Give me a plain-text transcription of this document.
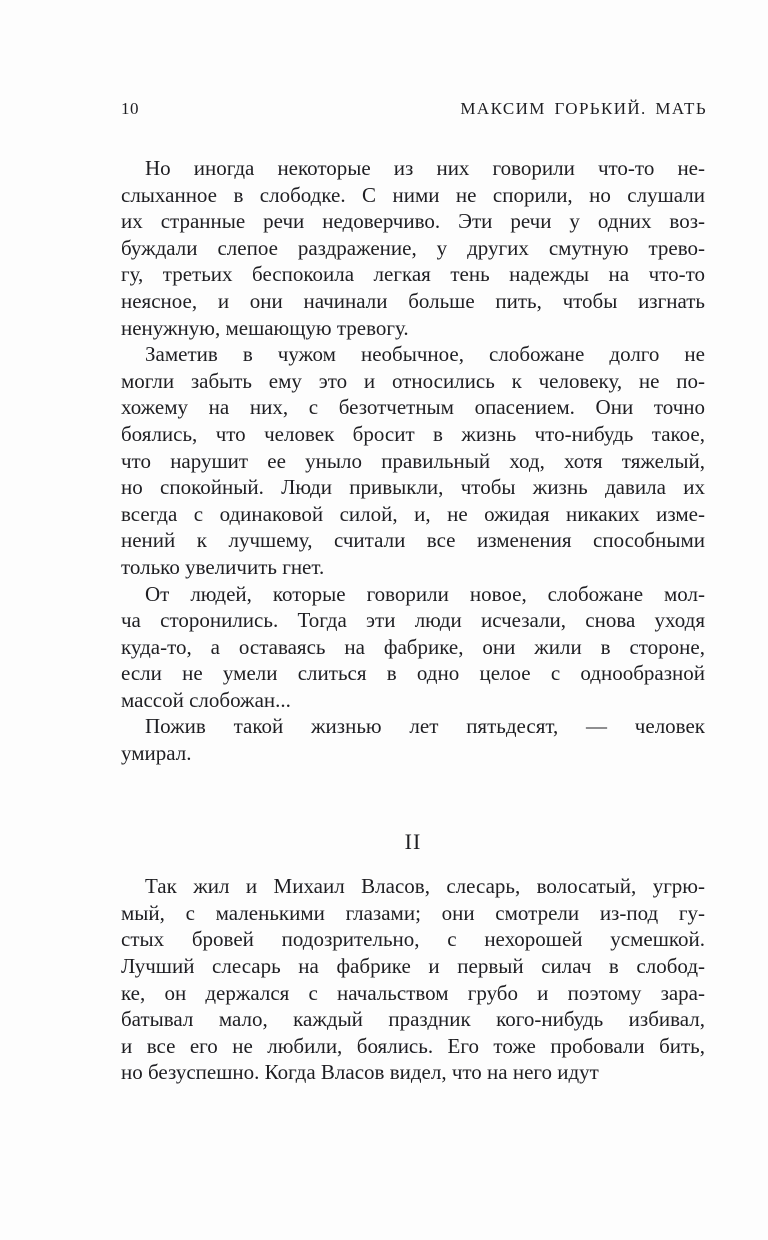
10	МАКСИМ ГОРЬКИЙ. МАТЬ
Но иногда некоторые из них говорили что-то не-
слыханное в слободке. С ними не спорили, но слушали
их странные речи недоверчиво. Эти речи у одних воз-
буждали слепое раздражение, у других смутную трево-
гу, третьих беспокоила легкая тень надежды на что-то
неясное, и они начинали больше пить, чтобы изгнать
ненужную, мешающую тревогу.
Заметив в чужом необычное, слобожане долго не
могли забыть ему это и относились к человеку, не по-
хожему на них, с безотчетным опасением. Они точно
боялись, что человек бросит в жизнь что-нибудь такое,
что нарушит ее уныло правильный ход, хотя тяжелый,
но спокойный. Люди привыкли, чтобы жизнь давила их
всегда с одинаковой силой, и, не ожидая никаких изме-
нений к лучшему, считали все изменения способными
только увеличить гнет.
От людей, которые говорили новое, слобожане мол-
ча сторонились. Тогда эти люди исчезали, снова уходя
куда-то, а оставаясь на фабрике, они жили в стороне,
если не умели слиться в одно целое с однообразной
массой слобожан...
Пожив такой жизнью лет пятьдесят, — человек
умирал.
II
Так жил и Михаил Власов, слесарь, волосатый, угрю-
мый, с маленькими глазами; они смотрели из-под гу-
стых бровей подозрительно, с нехорошей усмешкой.
Лучший слесарь на фабрике и первый силач в слобод-
ке, он держался с начальством грубо и поэтому зара-
батывал мало, каждый праздник кого-нибудь избивал,
и все его не любили, боялись. Его тоже пробовали бить,
но безуспешно. Когда Власов видел, что на него идут
